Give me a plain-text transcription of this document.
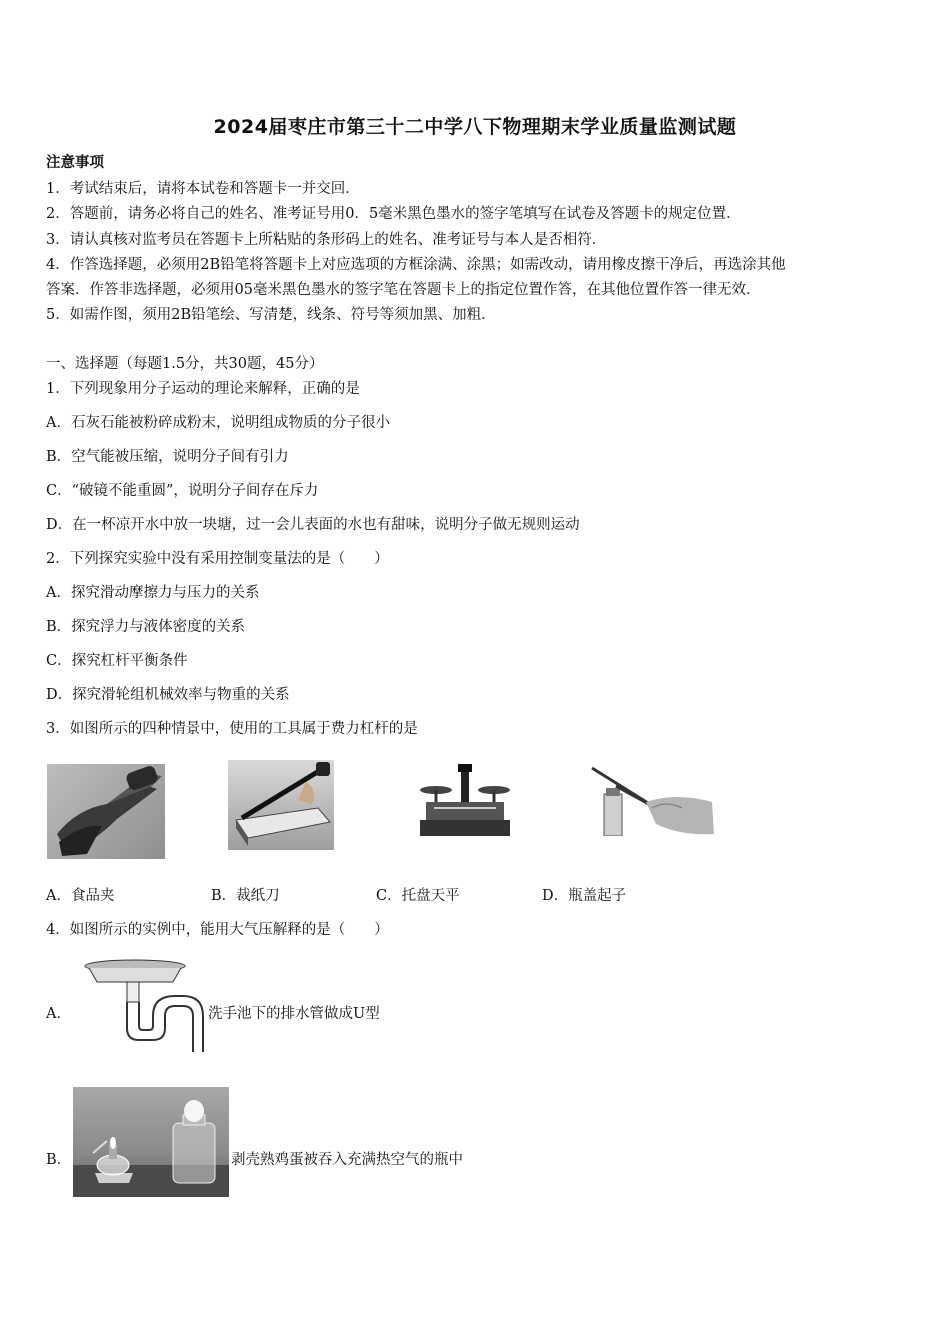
2024届枣庄市第三十二中学八下物理期末学业质量监测试题
注意事项
1．考试结束后，请将本试卷和答题卡一并交回．
2．答题前，请务必将自己的姓名、准考证号用0．5毫米黑色墨水的签字笔填写在试卷及答题卡的规定位置．
3．请认真核对监考员在答题卡上所粘贴的条形码上的姓名、准考证号与本人是否相符．
4．作答选择题，必须用2B铅笔将答题卡上对应选项的方框涂满、涂黑；如需改动，请用橡皮擦干净后，再选涂其他
答案．作答非选择题，必须用05毫米黑色墨水的签字笔在答题卡上的指定位置作答，在其他位置作答一律无效．
5．如需作图，须用2B铅笔绘、写清楚，线条、符号等须加黑、加粗．
一、选择题（每题1.5分，共30题，45分）
1．下列现象用分子运动的理论来解释，正确的是
A．石灰石能被粉碎成粉末，说明组成物质的分子很小
B．空气能被压缩，说明分子间有引力
C．“破镜不能重圆”，说明分子间存在斥力
D．在一杯凉开水中放一块塘，过一会儿表面的水也有甜味，说明分子做无规则运动
2．下列探究实验中没有采用控制变量法的是（　　）
A．探究滑动摩擦力与压力的关系
B．探究浮力与液体密度的关系
C．探究杠杆平衡条件
D．探究滑轮组机械效率与物重的关系
3．如图所示的四种情景中，使用的工具属于费力杠杆的是
A．食品夹	B．裁纸刀	C．托盘天平	D．瓶盖起子
4．如图所示的实例中，能用大气压解释的是（　　）
A．	洗手池下的排水管做成U型
B．	剥壳熟鸡蛋被吞入充满热空气的瓶中
